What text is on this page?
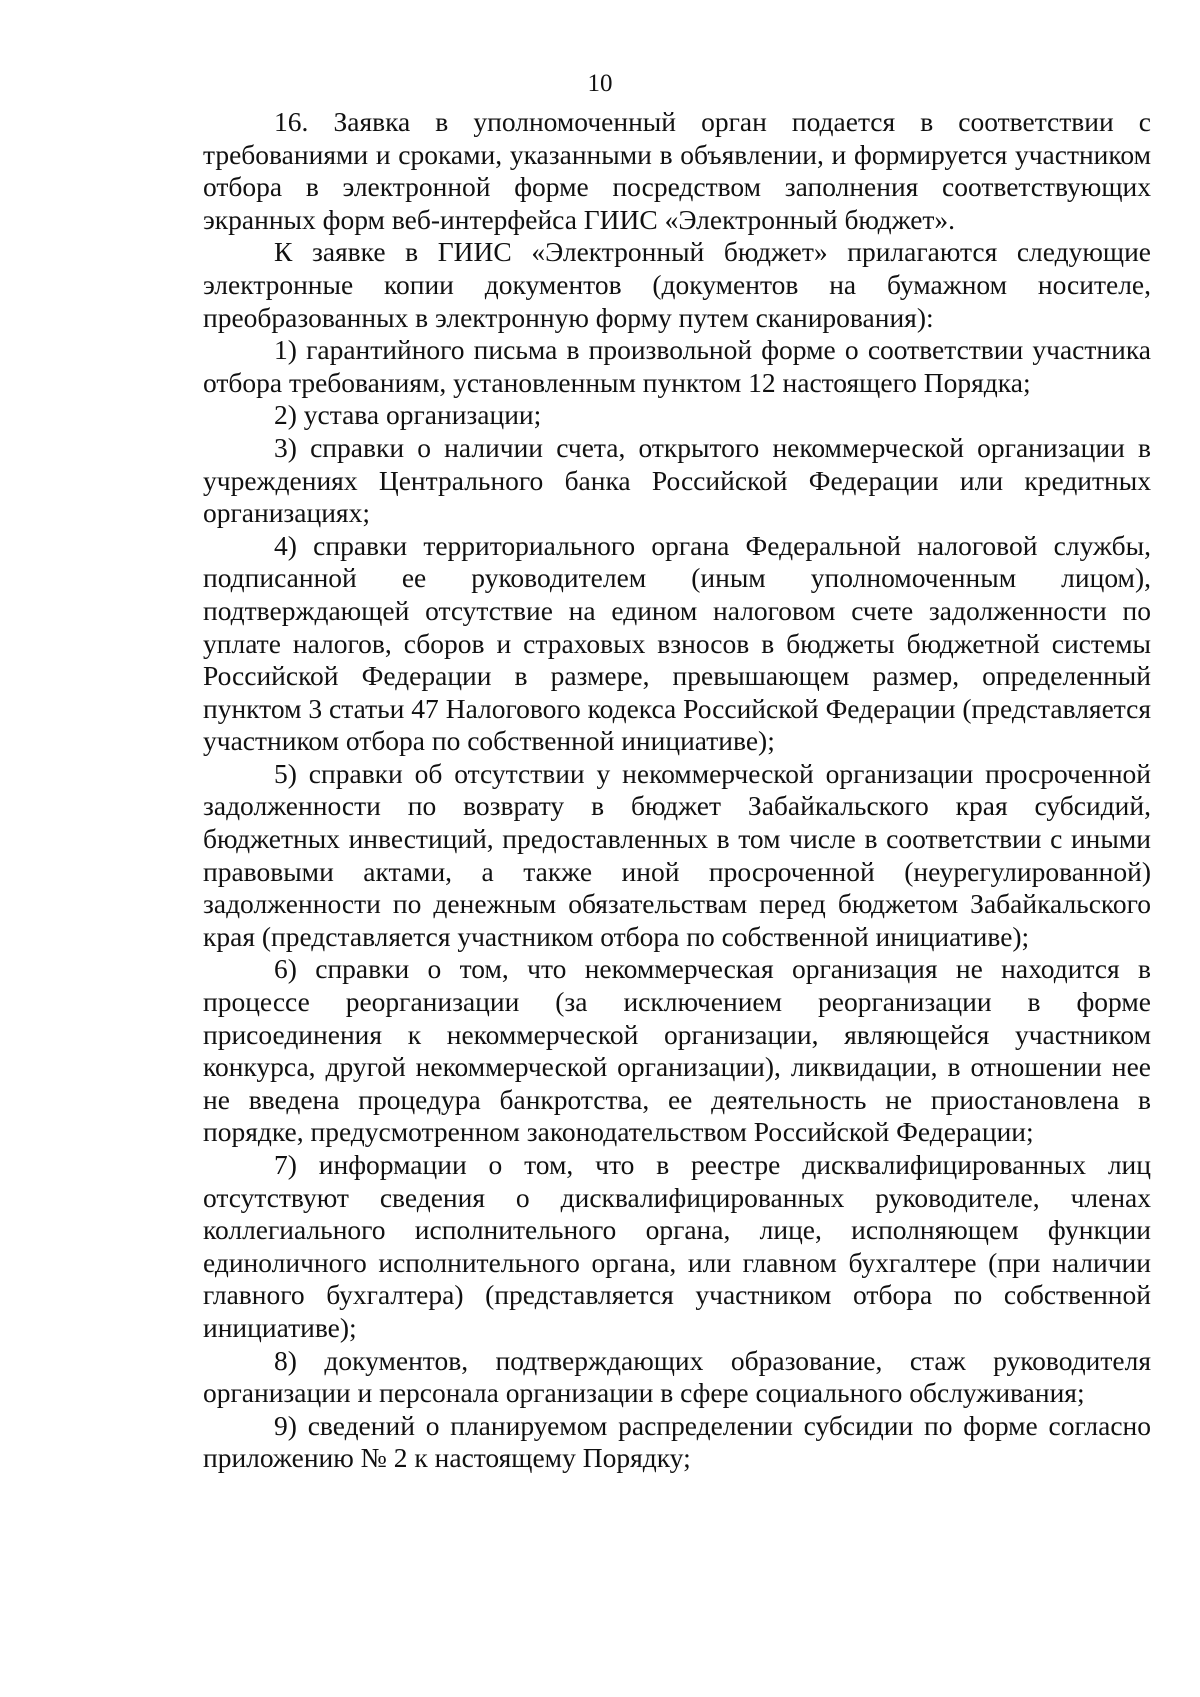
10

16. Заявка в уполномоченный орган подается в соответствии с требованиями и сроками, указанными в объявлении, и формируется участником отбора в электронной форме посредством заполнения соответствующих экранных форм веб-интерфейса ГИИС «Электронный бюджет».

К заявке в ГИИС «Электронный бюджет» прилагаются следующие электронные копии документов (документов на бумажном носителе, преобразованных в электронную форму путем сканирования):

1) гарантийного письма в произвольной форме о соответствии участника отбора требованиям, установленным пунктом 12 настоящего Порядка;

2) устава организации;

3) справки о наличии счета, открытого некоммерческой организации в учреждениях Центрального банка Российской Федерации или кредитных организациях;

4) справки территориального органа Федеральной налоговой службы, подписанной ее руководителем (иным уполномоченным лицом), подтверждающей отсутствие на едином налоговом счете задолженности по уплате налогов, сборов и страховых взносов в бюджеты бюджетной системы Российской Федерации в размере, превышающем размер, определенный пунктом 3 статьи 47 Налогового кодекса Российской Федерации (представляется участником отбора по собственной инициативе);

5) справки об отсутствии у некоммерческой организации просроченной задолженности по возврату в бюджет Забайкальского края субсидий, бюджетных инвестиций, предоставленных в том числе в соответствии с иными правовыми актами, а также иной просроченной (неурегулированной) задолженности по денежным обязательствам перед бюджетом Забайкальского края (представляется участником отбора по собственной инициативе);

6) справки о том, что некоммерческая организация не находится в процессе реорганизации (за исключением реорганизации в форме присоединения к некоммерческой организации, являющейся участником конкурса, другой некоммерческой организации), ликвидации, в отношении нее не введена процедура банкротства, ее деятельность не приостановлена в порядке, предусмотренном законодательством Российской Федерации;

7) информации о том, что в реестре дисквалифицированных лиц отсутствуют сведения о дисквалифицированных руководителе, членах коллегиального исполнительного органа, лице, исполняющем функции единоличного исполнительного органа, или главном бухгалтере (при наличии главного бухгалтера) (представляется участником отбора по собственной инициативе);

8) документов, подтверждающих образование, стаж руководителя организации и персонала организации в сфере социального обслуживания;

9) сведений о планируемом распределении субсидии по форме согласно приложению № 2 к настоящему Порядку;
